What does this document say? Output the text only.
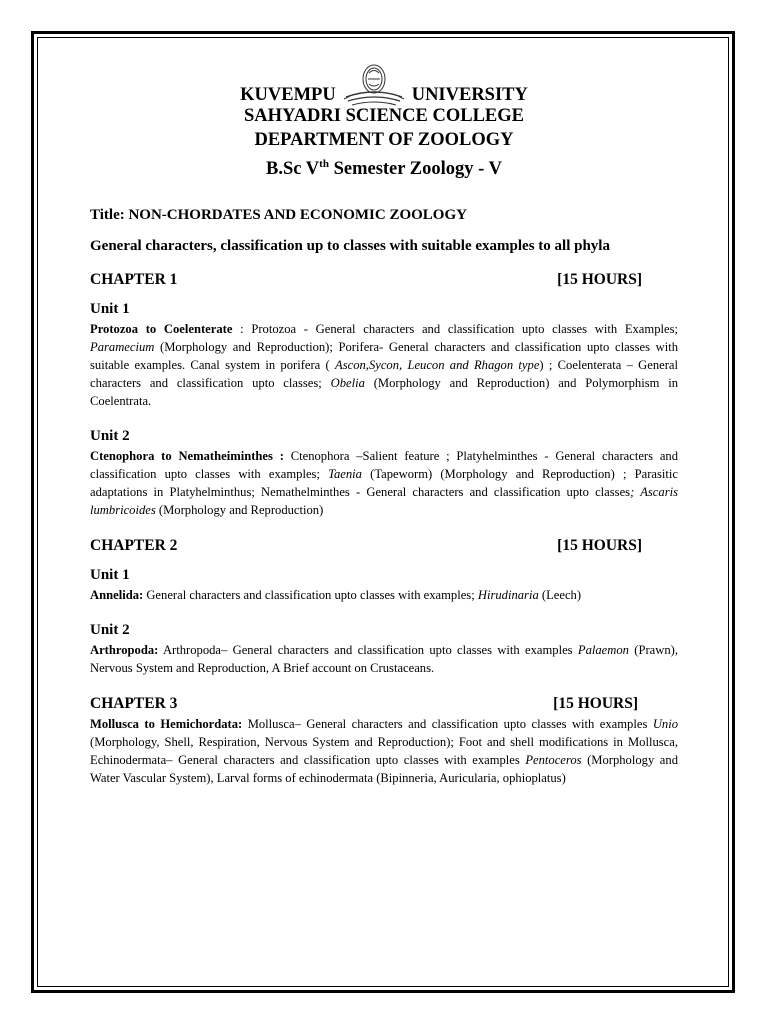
KUVEMPU	UNIVERSITY
SAHYADRI SCIENCE COLLEGE
DEPARTMENT OF ZOOLOGY
B.Sc Vth Semester Zoology - V
Title: NON-CHORDATES AND ECONOMIC ZOOLOGY
General characters, classification up to classes with suitable examples to all phyla
CHAPTER 1	[15 HOURS]
Unit 1
Protozoa to Coelenterate : Protozoa - General characters and classification upto classes with Examples; Paramecium (Morphology and Reproduction); Porifera- General characters and classification upto classes with suitable examples. Canal system in porifera ( Ascon,Sycon, Leucon and Rhagon type) ; Coelenterata – General characters and classification upto classes; Obelia (Morphology and Reproduction) and Polymorphism in Coelentrata.
Unit 2
Ctenophora to Nematheiminthes : Ctenophora –Salient feature ; Platyhelminthes - General characters and classification upto classes with examples; Taenia (Tapeworm) (Morphology and Reproduction) ; Parasitic adaptations in Platyhelminthus; Nemathelminthes - General characters and classification upto classes; Ascaris lumbricoides (Morphology and Reproduction)
CHAPTER 2	[15 HOURS]
Unit 1
Annelida: General characters and classification upto classes with examples; Hirudinaria (Leech)
Unit 2
Arthropoda: Arthropoda– General characters and classification upto classes with examples Palaemon (Prawn), Nervous System and Reproduction, A Brief account on Crustaceans.
CHAPTER 3	[15 HOURS]
Mollusca to Hemichordata: Mollusca– General characters and classification upto classes with examples Unio (Morphology, Shell, Respiration, Nervous System and Reproduction); Foot and shell modifications in Mollusca, Echinodermata– General characters and classification upto classes with examples Pentoceros (Morphology and Water Vascular System), Larval forms of echinodermata (Bipinneria, Auricularia, ophioplatus)
